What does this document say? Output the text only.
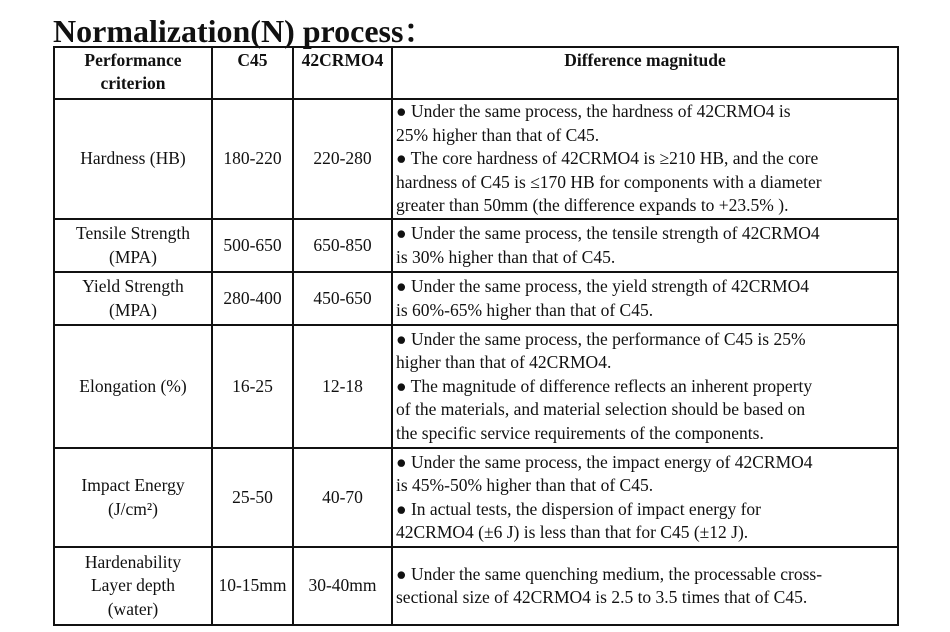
Normalization(N) process：
Performance
criterion	C45	42CRMO4	Difference magnitude
Hardness (HB)	180-220	220-280	● Under the same process, the hardness of 42CRMO4 is
25% higher than that of C45.
● The core hardness of 42CRMO4 is ≥210 HB, and the core
hardness of C45 is ≤170 HB for components with a diameter
greater than 50mm (the difference expands to +23.5% ).

Tensile Strength
(MPA)	500-650	650-850	● Under the same process, the tensile strength of 42CRMO4
is 30% higher than that of C45.

Yield Strength
(MPA)	280-400	450-650	● Under the same process, the yield strength of 42CRMO4
is 60%-65% higher than that of C45.

Elongation (%)	16-25	12-18	● Under the same process, the performance of C45 is 25%
higher than that of 42CRMO4.
● The magnitude of difference reflects an inherent property
of the materials, and material selection should be based on
the specific service requirements of the components.

Impact Energy
(J/cm²)	25-50	40-70	● Under the same process, the impact energy of 42CRMO4
is 45%-50% higher than that of C45.
● In actual tests, the dispersion of impact energy for
42CRMO4 (±6 J) is less than that for C45 (±12 J).

Hardenability
Layer depth
(water)	10-15mm	30-40mm	● Under the same quenching medium, the processable cross-
sectional size of 42CRMO4 is 2.5 to 3.5 times that of C45.
